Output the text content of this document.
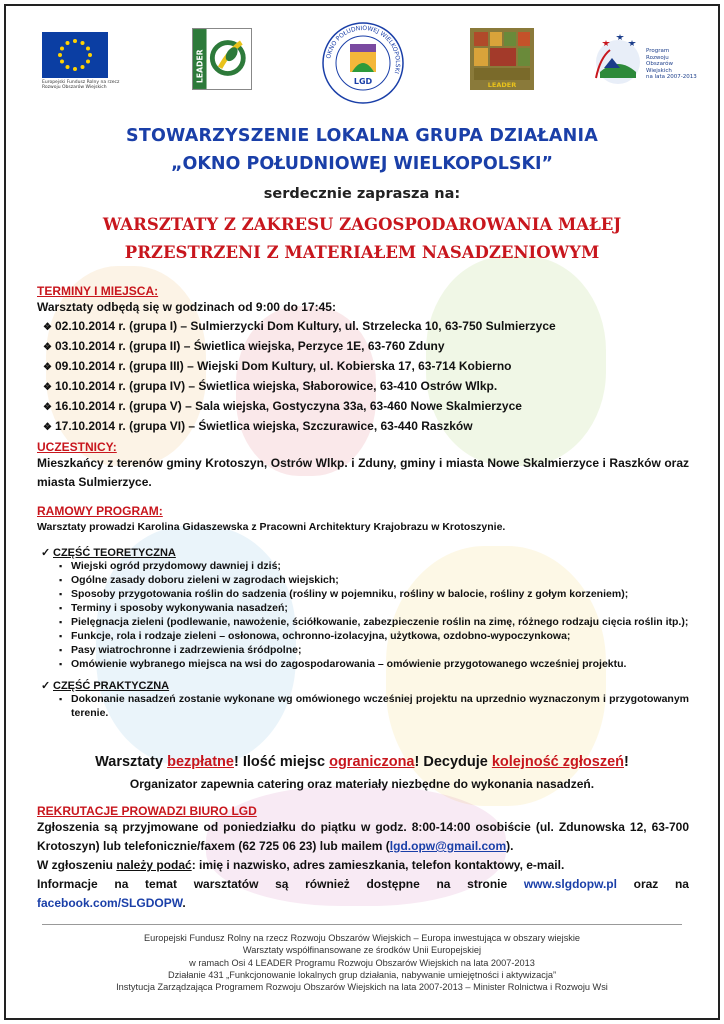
Europejski Fundusz Rolny na rzecz Rozwoju Obszarów Wiejskich
LEADER	OKNO POŁUDNIOWEJ WIELKOPOLSKI
LGD	LEADER
Program
Rozwoju
Obszarów
Wiejskich
na lata 2007-2013
STOWARZYSZENIE LOKALNA GRUPA DZIAŁANIA
„OKNO POŁUDNIOWEJ WIELKOPOLSKI”
serdecznie zaprasza na:
WARSZTATY Z ZAKRESU ZAGOSPODAROWANIA MAŁEJ
PRZESTRZENI Z MATERIAŁEM NASADZENIOWYM
TERMINY I MIEJSCA:
Warsztaty odbędą się w godzinach od 9:00 do 17:45:
❖ 02.10.2014 r. (grupa I) – Sulmierzycki Dom Kultury, ul. Strzelecka 10, 63-750 Sulmierzyce
❖ 03.10.2014 r. (grupa II) – Świetlica wiejska, Perzyce 1E, 63-760 Zduny
❖ 09.10.2014 r. (grupa III) – Wiejski Dom Kultury, ul. Kobierska 17, 63-714 Kobierno
❖ 10.10.2014 r. (grupa IV) – Świetlica wiejska, Słaborowice, 63-410 Ostrów Wlkp.
❖ 16.10.2014 r. (grupa V) – Sala wiejska, Gostyczyna 33a, 63-460 Nowe Skalmierzyce
❖ 17.10.2014 r. (grupa VI) – Świetlica wiejska, Szczurawice, 63-440 Raszków
UCZESTNICY:
Mieszkańcy z terenów gminy Krotoszyn, Ostrów Wlkp. i Zduny, gminy i miasta Nowe Skalmierzyce i Raszków oraz miasta Sulmierzyce.
RAMOWY PROGRAM:
Warsztaty prowadzi Karolina Gidaszewska z Pracowni Architektury Krajobrazu w Krotoszynie.
✓ CZĘŚĆ TEORETYCZNA
▪ Wiejski ogród przydomowy dawniej i dziś;
▪ Ogólne zasady doboru zieleni w zagrodach wiejskich;
▪ Sposoby przygotowania roślin do sadzenia (rośliny w pojemniku, rośliny w balocie, rośliny z gołym korzeniem);
▪ Terminy i sposoby wykonywania nasadzeń;
▪ Pielęgnacja zieleni (podlewanie, nawożenie, ściółkowanie, zabezpieczenie roślin na zimę, różnego rodzaju cięcia roślin itp.);
▪ Funkcje, rola i rodzaje zieleni – osłonowa, ochronno-izolacyjna, użytkowa, ozdobno-wypoczynkowa;
▪ Pasy wiatrochronne i zadrzewienia śródpolne;
▪ Omówienie wybranego miejsca na wsi do zagospodarowania – omówienie przygotowanego wcześniej projektu.
✓ CZĘŚĆ PRAKTYCZNA
▪ Dokonanie nasadzeń zostanie wykonane wg omówionego wcześniej projektu na uprzednio wyznaczonym i przygotowanym terenie.
Warsztaty bezpłatne! Ilość miejsc ograniczona! Decyduje kolejność zgłoszeń!
Organizator zapewnia catering oraz materiały niezbędne do wykonania nasadzeń.
REKRUTACJE PROWADZI BIURO LGD
Zgłoszenia są przyjmowane od poniedziałku do piątku w godz. 8:00-14:00 osobiście (ul. Zdunowska 12, 63-700 Krotoszyn) lub telefonicznie/faxem (62 725 06 23) lub mailem (lgd.opw@gmail.com).
W zgłoszeniu należy podać: imię i nazwisko, adres zamieszkania, telefon kontaktowy, e-mail.
Informacje na temat warsztatów są również dostępne na stronie www.slgdopw.pl oraz na facebook.com/SLGDOPW.
Europejski Fundusz Rolny na rzecz Rozwoju Obszarów Wiejskich – Europa inwestująca w obszary wiejskie
Warsztaty współfinansowane ze środków Unii Europejskiej
w ramach Osi 4 LEADER Programu Rozwoju Obszarów Wiejskich na lata 2007-2013
Działanie 431 „Funkcjonowanie lokalnych grup działania, nabywanie umiejętności i aktywizacja”
Instytucja Zarządzająca Programem Rozwoju Obszarów Wiejskich na lata 2007-2013 – Minister Rolnictwa i Rozwoju Wsi
